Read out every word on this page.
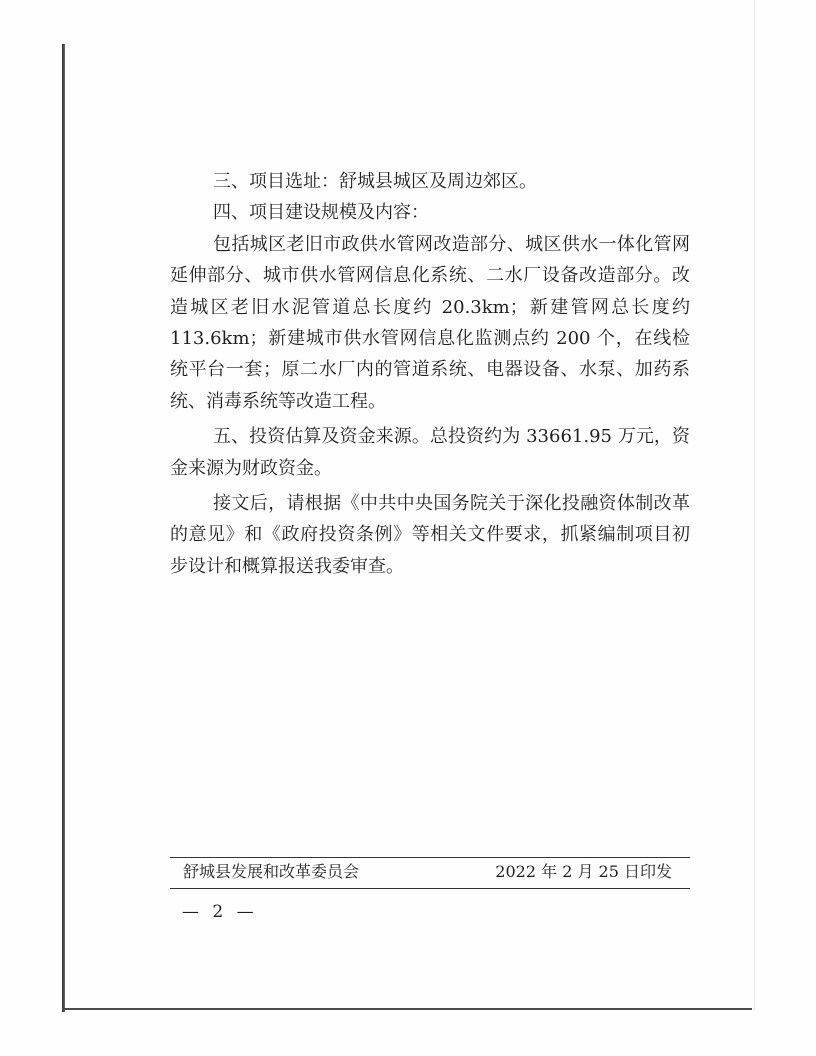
三、项目选址：舒城县城区及周边郊区。
四、项目建设规模及内容：
包括城区老旧市政供水管网改造部分、城区供水一体化管网
延伸部分、城市供水管网信息化系统、二水厂设备改造部分。改
造城区老旧水泥管道总长度约 20.3km；新建管网总长度约
113.6km；新建城市供水管网信息化监测点约 200 个，在线检
统平台一套；原二水厂内的管道系统、电器设备、水泵、加药系
统、消毒系统等改造工程。
五、投资估算及资金来源。总投资约为 33661.95 万元，资
金来源为财政资金。
接文后，请根据《中共中央国务院关于深化投融资体制改革
的意见》和《政府投资条例》等相关文件要求，抓紧编制项目初
步设计和概算报送我委审查。
舒城县发展和改革委员会	2022 年 2 月 25 日印发
— 2 —
